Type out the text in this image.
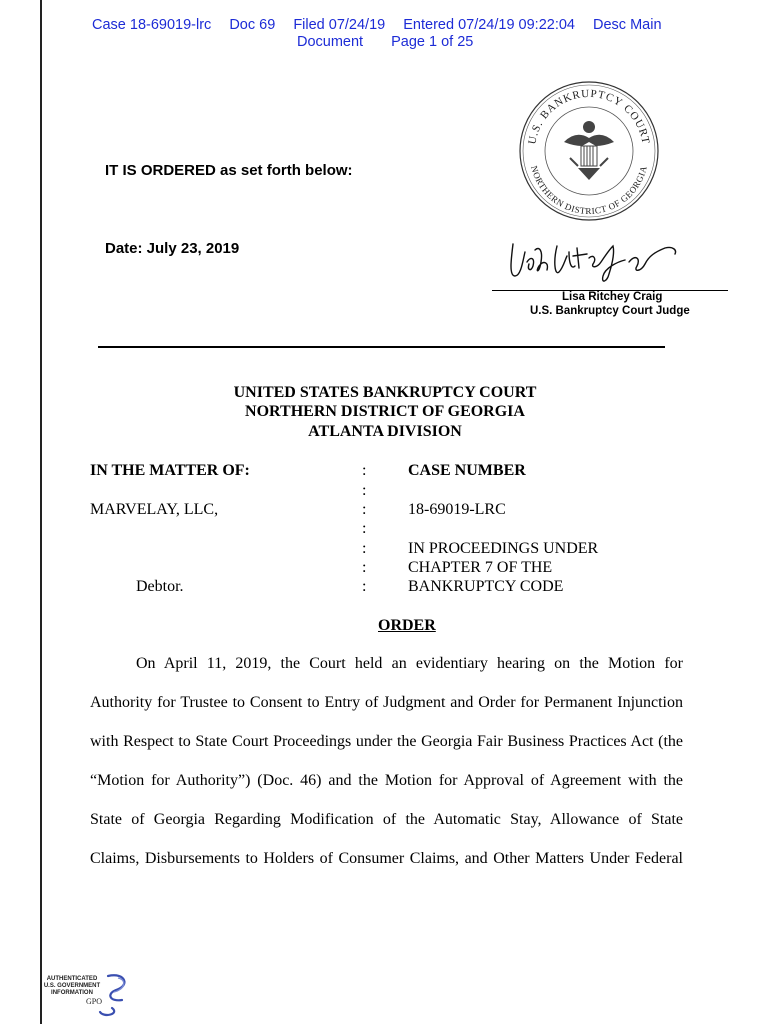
Case 18-69019-lrc Doc 69 Filed 07/24/19 Entered 07/24/19 09:22:04 Desc Main
Document Page 1 of 25
U.S. BANKRUPTCY COURT
NORTHERN DISTRICT OF GEORGIA
IT IS ORDERED as set forth below:
Date: July 23, 2019
Lisa Ritchey Craig
U.S. Bankruptcy Court Judge
UNITED STATES BANKRUPTCY COURT
NORTHERN DISTRICT OF GEORGIA
ATLANTA DIVISION
IN THE MATTER OF:
MARVELAY, LLC,
Debtor.
:
:
:
:
:
:
:
CASE NUMBER
18-69019-LRC
IN PROCEEDINGS UNDER
CHAPTER 7 OF THE
BANKRUPTCY CODE
ORDER
On April 11, 2019, the Court held an evidentiary hearing on the Motion for
Authority for Trustee to Consent to Entry of Judgment and Order for Permanent Injunction
with Respect to State Court Proceedings under the Georgia Fair Business Practices Act (the
“Motion for Authority”) (Doc. 46) and the Motion for Approval of Agreement with the
State of Georgia Regarding Modification of the Automatic Stay, Allowance of State
Claims, Disbursements to Holders of Consumer Claims, and Other Matters Under Federal
AUTHENTICATED
U.S. GOVERNMENT
INFORMATION
GPO
